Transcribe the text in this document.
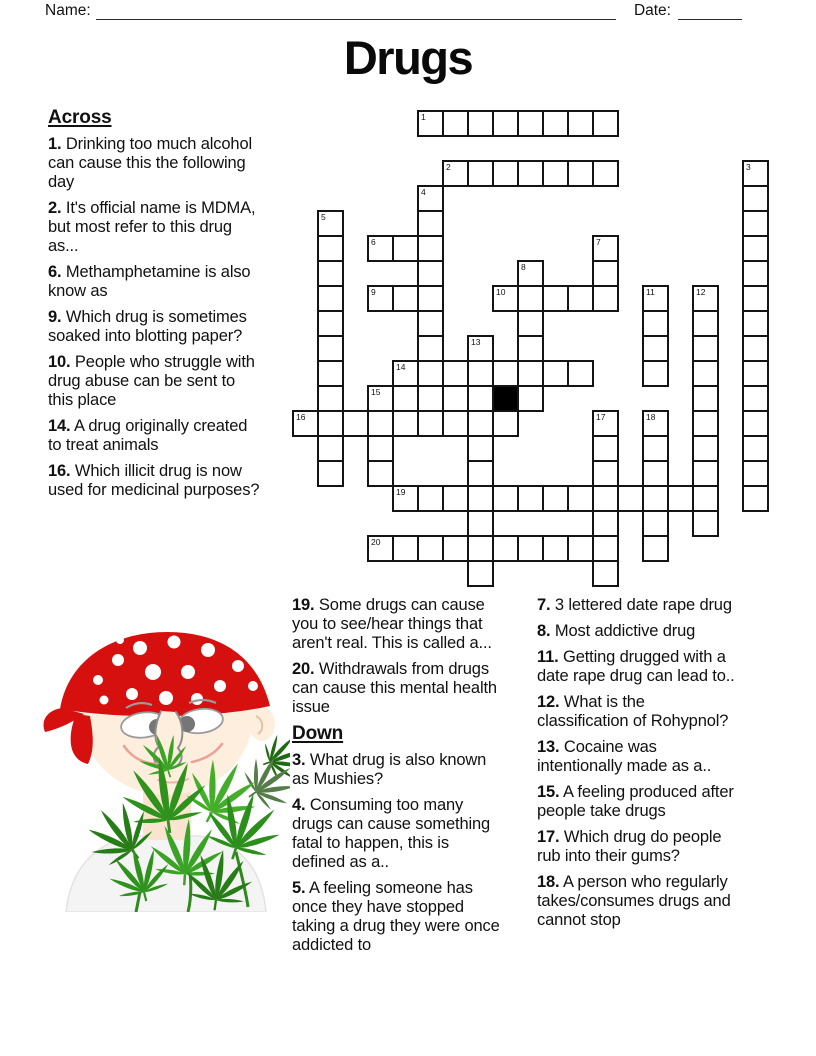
Name:	Date:
Drugs
Across
1. Drinking too much alcohol can cause this the following day
2. It's official name is MDMA, but most refer to this drug as...
6. Methamphetamine is also know as
9. Which drug is sometimes soaked into blotting paper?
10. People who struggle with drug abuse can be sent to this place
14. A drug originally created to treat animals
16. Which illicit drug is now used for medicinal purposes?
1
2	3
4
5
6	7
8
9	10	11	12
13
14
15
16	17	18
19
20
19. Some drugs can cause you to see/hear things that aren't real. This is called a...
20. Withdrawals from drugs can cause this mental health issue
Down
3. What drug is also known as Mushies?
4. Consuming too many drugs can cause something fatal to happen, this is defined as a..
5. A feeling someone has once they have stopped taking a drug they were once addicted to
7. 3 lettered date rape drug
8. Most addictive drug
11. Getting drugged with a date rape drug can lead to..
12. What is the classification of Rohypnol?
13. Cocaine was intentionally made as a..
15. A feeling produced after people take drugs
17. Which drug do people rub into their gums?
18. A person who regularly takes/consumes drugs and cannot stop
